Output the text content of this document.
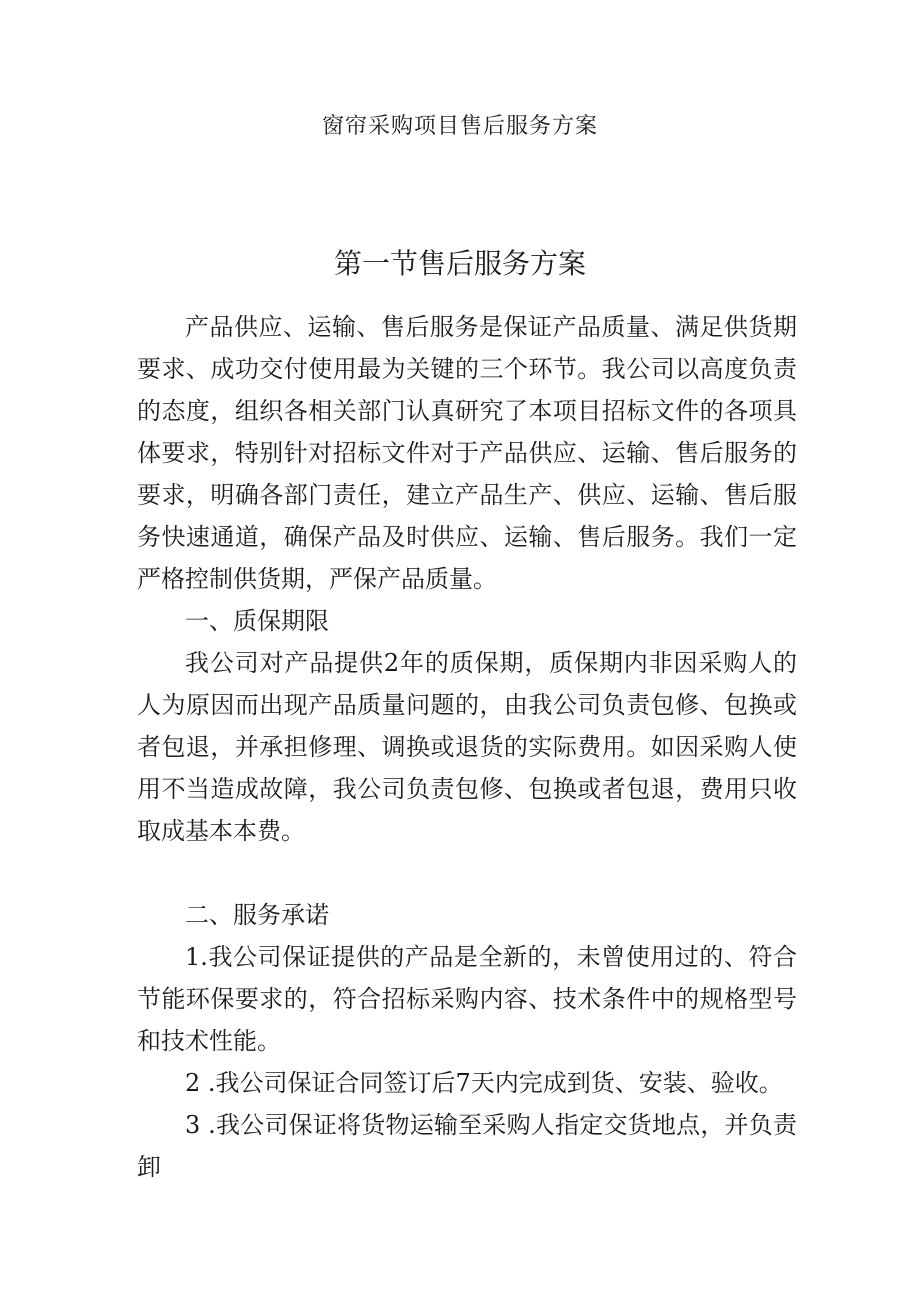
窗帘采购项目售后服务方案
第一节售后服务方案

产品供应、运输、售后服务是保证产品质量、满足供货期要求、成功交付使用最为关键的三个环节。我公司以高度负责的态度，组织各相关部门认真研究了本项目招标文件的各项具体要求，特别针对招标文件对于产品供应、运输、售后服务的要求，明确各部门责任，建立产品生产、供应、运输、售后服务快速通道，确保产品及时供应、运输、售后服务。我们一定严格控制供货期，严保产品质量。

一、质保期限

我公司对产品提供2年的质保期，质保期内非因采购人的人为原因而出现产品质量问题的，由我公司负责包修、包换或者包退，并承担修理、调换或退货的实际费用。如因采购人使用不当造成故障，我公司负责包修、包换或者包退，费用只收取成基本本费。

二、服务承诺

1.我公司保证提供的产品是全新的，未曾使用过的、符合节能环保要求的，符合招标采购内容、技术条件中的规格型号和技术性能。

2 .我公司保证合同签订后7天内完成到货、安装、验收。

3 .我公司保证将货物运输至采购人指定交货地点，并负责卸
